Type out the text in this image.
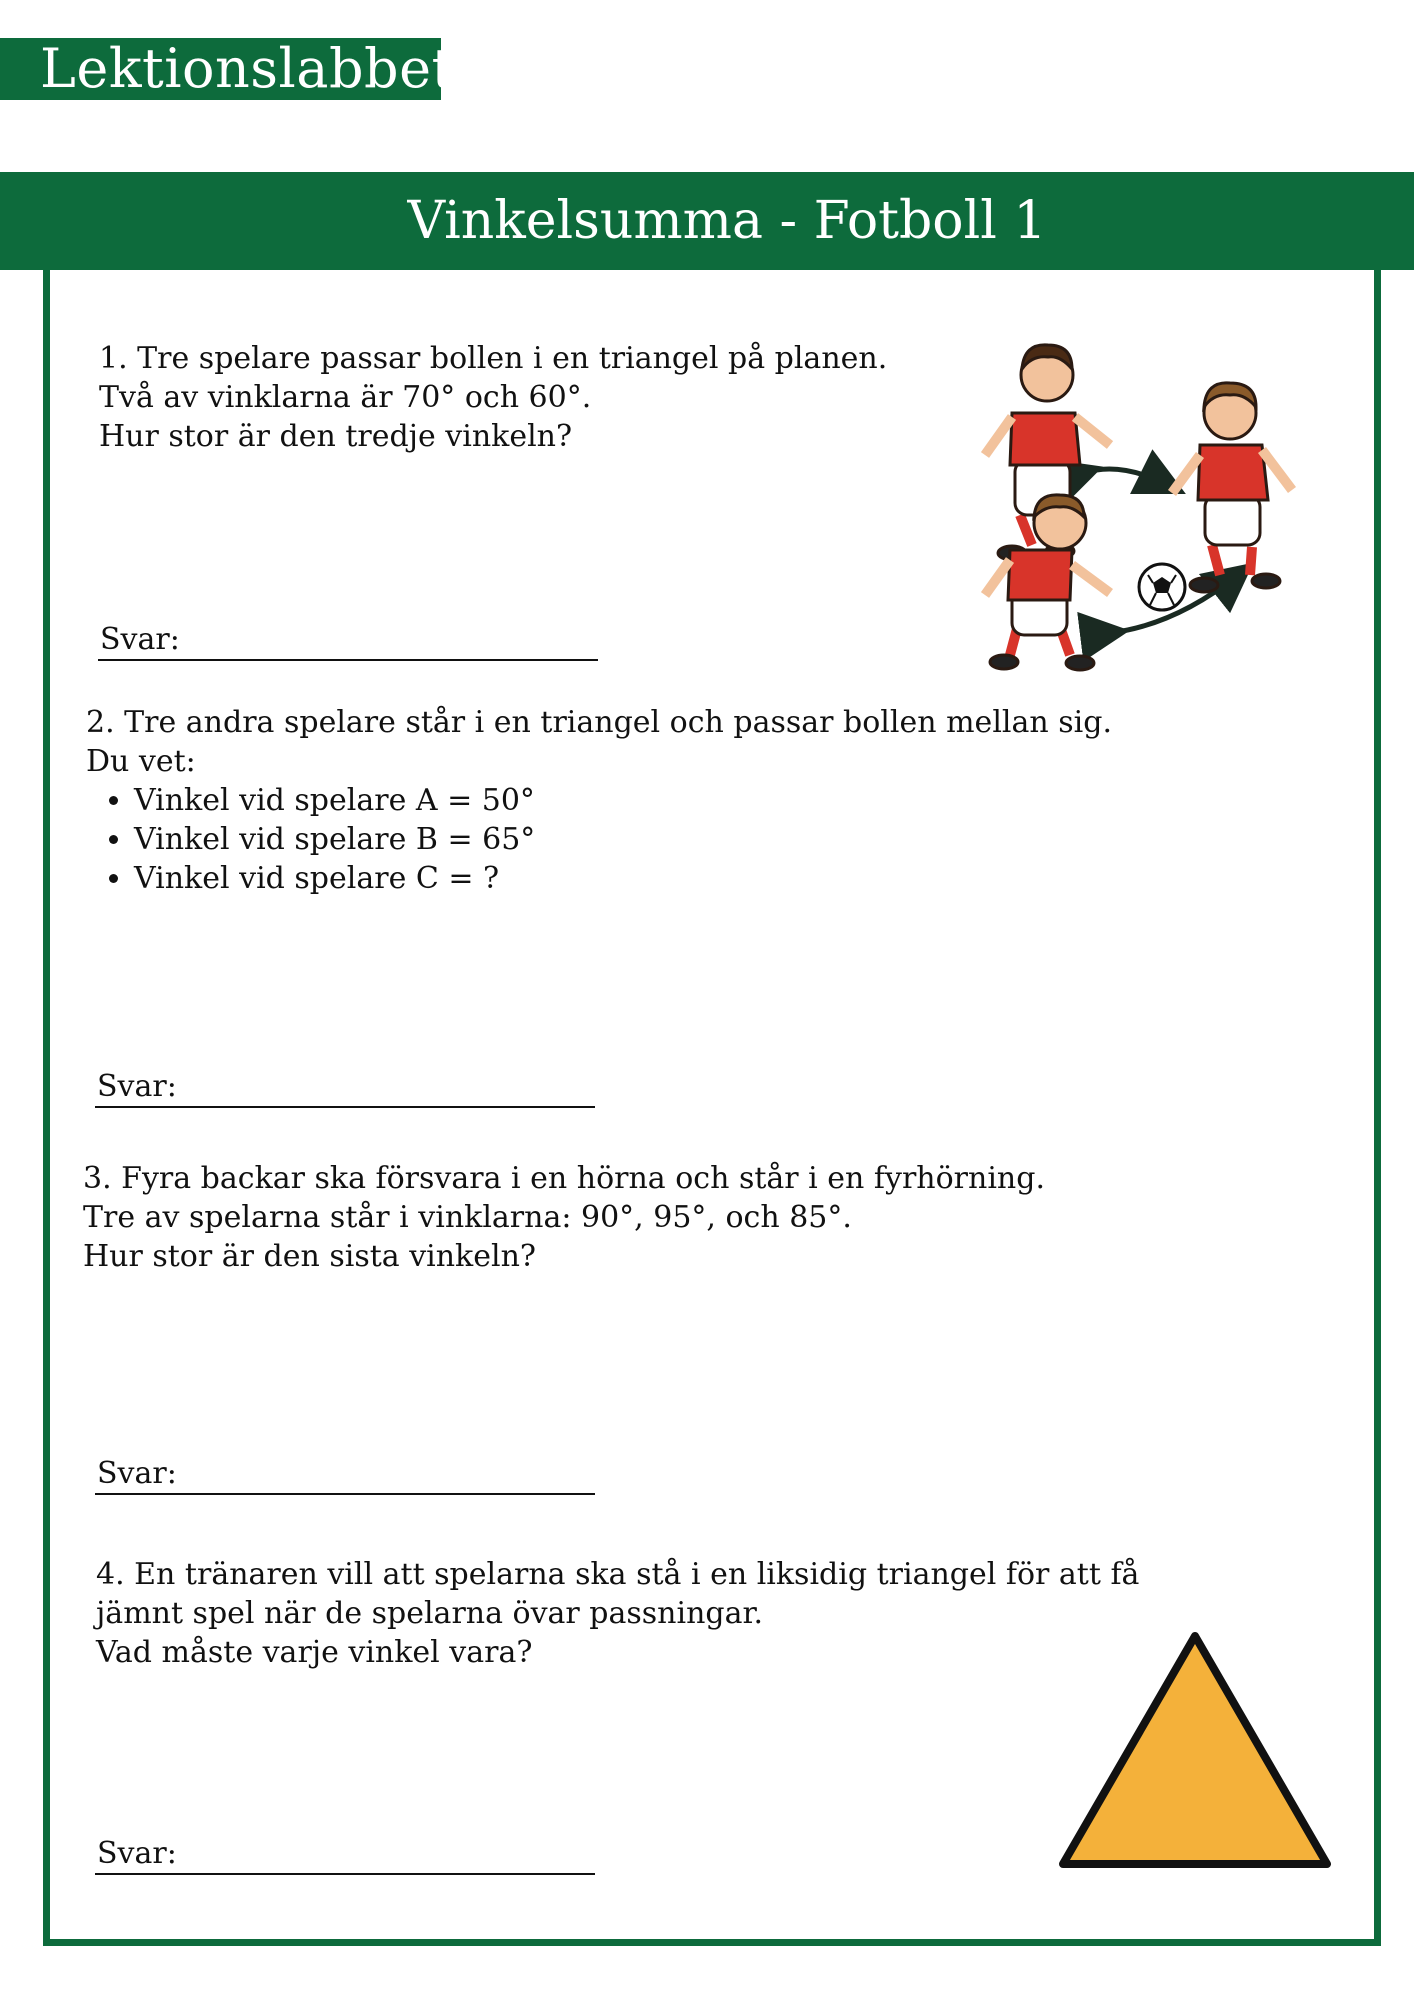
Lektionslabbet
Vinkelsumma - Fotboll 1

1. Tre spelare passar bollen i en triangel på planen.

Två av vinklarna är 70° och 60°.

Hur stor är den tredje vinkeln?

Svar:

2. Tre andra spelare står i en triangel och passar bollen mellan sig.

Du vet:

• Vinkel vid spelare A = 50°
• Vinkel vid spelare B = 65°
• Vinkel vid spelare C = ?
Svar:

3. Fyra backar ska försvara i en hörna och står i en fyrhörning.

Tre av spelarna står i vinklarna: 90°, 95°, och 85°.

Hur stor är den sista vinkeln?

Svar:

4. En tränaren vill att spelarna ska stå i en liksidig triangel för att få

jämnt spel när de spelarna övar passningar.

Vad måste varje vinkel vara?

Svar:
